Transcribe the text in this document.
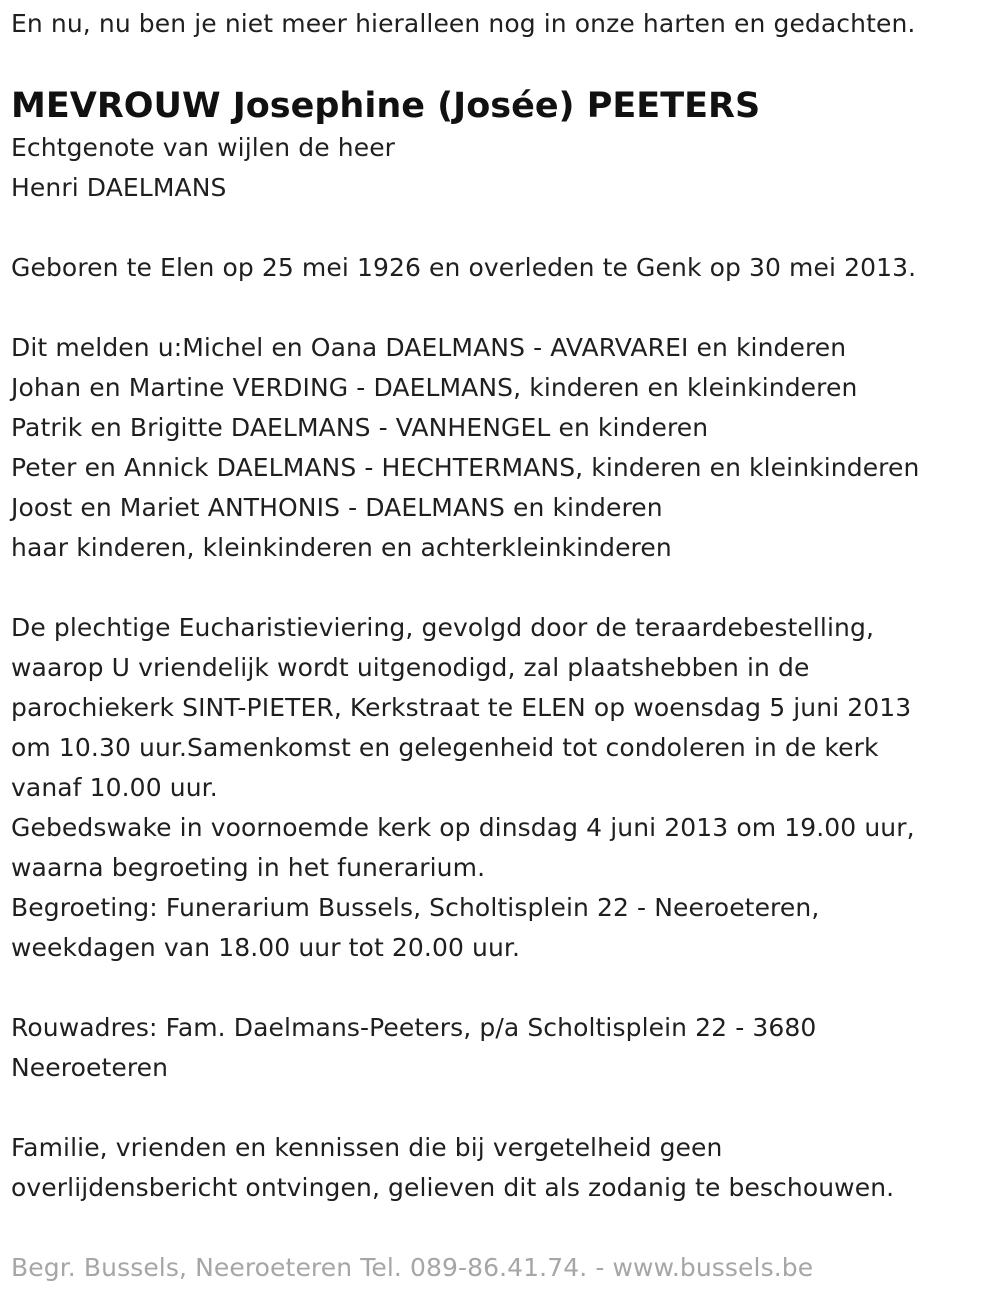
En nu, nu ben je niet meer hieralleen nog in onze harten en gedachten.
MEVROUW Josephine (Josée) PEETERS
Echtgenote van wijlen de heer
Henri DAELMANS
Geboren te Elen op 25 mei 1926 en overleden te Genk op 30 mei 2013.
Dit melden u:Michel en Oana DAELMANS - AVARVAREI en kinderen
Johan en Martine VERDING - DAELMANS, kinderen en kleinkinderen
Patrik en Brigitte DAELMANS - VANHENGEL en kinderen
Peter en Annick DAELMANS - HECHTERMANS, kinderen en kleinkinderen
Joost en Mariet ANTHONIS - DAELMANS en kinderen
haar kinderen, kleinkinderen en achterkleinkinderen
De plechtige Eucharistieviering, gevolgd door de teraardebestelling,
waarop U vriendelijk wordt uitgenodigd, zal plaatshebben in de
parochiekerk SINT-PIETER, Kerkstraat te ELEN op woensdag 5 juni 2013
om 10.30 uur.Samenkomst en gelegenheid tot condoleren in de kerk
vanaf 10.00 uur.
Gebedswake in voornoemde kerk op dinsdag 4 juni 2013 om 19.00 uur,
waarna begroeting in het funerarium.
Begroeting: Funerarium Bussels, Scholtisplein 22 - Neeroeteren,
weekdagen van 18.00 uur tot 20.00 uur.
Rouwadres: Fam. Daelmans-Peeters, p/a Scholtisplein 22 - 3680
Neeroeteren
Familie, vrienden en kennissen die bij vergetelheid geen
overlijdensbericht ontvingen, gelieven dit als zodanig te beschouwen.
Begr. Bussels, Neeroeteren Tel. 089-86.41.74. - www.bussels.be
